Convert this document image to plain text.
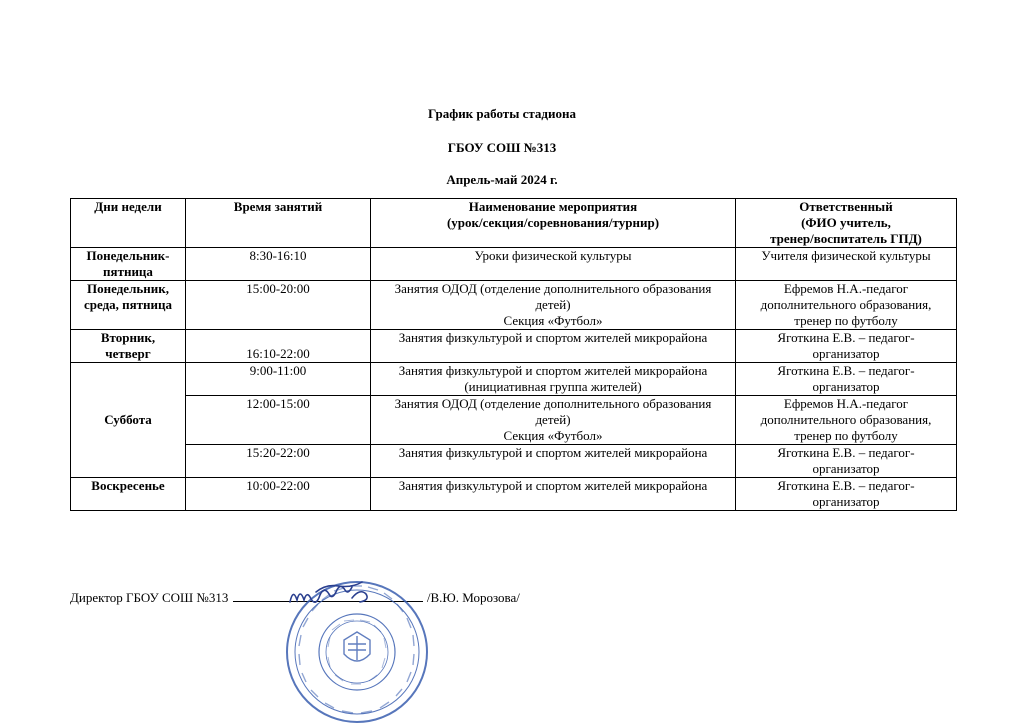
График работы стадиона
ГБОУ СОШ №313
Апрель-май 2024 г.
Дни недели	Время занятий	Наименование мероприятия
(урок/секция/соревнования/турнир)	Ответственный
(ФИО учитель,
тренер/воспитатель ГПД)

Понедельник-
пятница	8:30-16:10	Уроки физической культуры	Учителя физической культуры

Понедельник,
среда, пятница	15:00-20:00	Занятия ОДОД (отделение дополнительного образования
детей)
Секция «Футбол»	Ефремов Н.А.-педагог
дополнительного образования,
тренер по футболу

Вторник,
четверг	16:10-22:00	Занятия физкультурой и спортом жителей микрорайона	Яготкина Е.В. – педагог-
организатор

Суббота	9:00-11:00	Занятия физкультурой и спортом жителей микрорайона
(инициативная группа жителей)	Яготкина Е.В. – педагог-
организатор

	12:00-15:00	Занятия ОДОД (отделение дополнительного образования
детей)
Секция «Футбол»	Ефремов Н.А.-педагог
дополнительного образования,
тренер по футболу

	15:20-22:00	Занятия физкультурой и спортом жителей микрорайона	Яготкина Е.В. – педагог-
организатор

Воскресенье	10:00-22:00	Занятия физкультурой и спортом жителей микрорайона	Яготкина Е.В. – педагог-
организатор
Директор ГБОУ СОШ №313	/В.Ю. Морозова/
